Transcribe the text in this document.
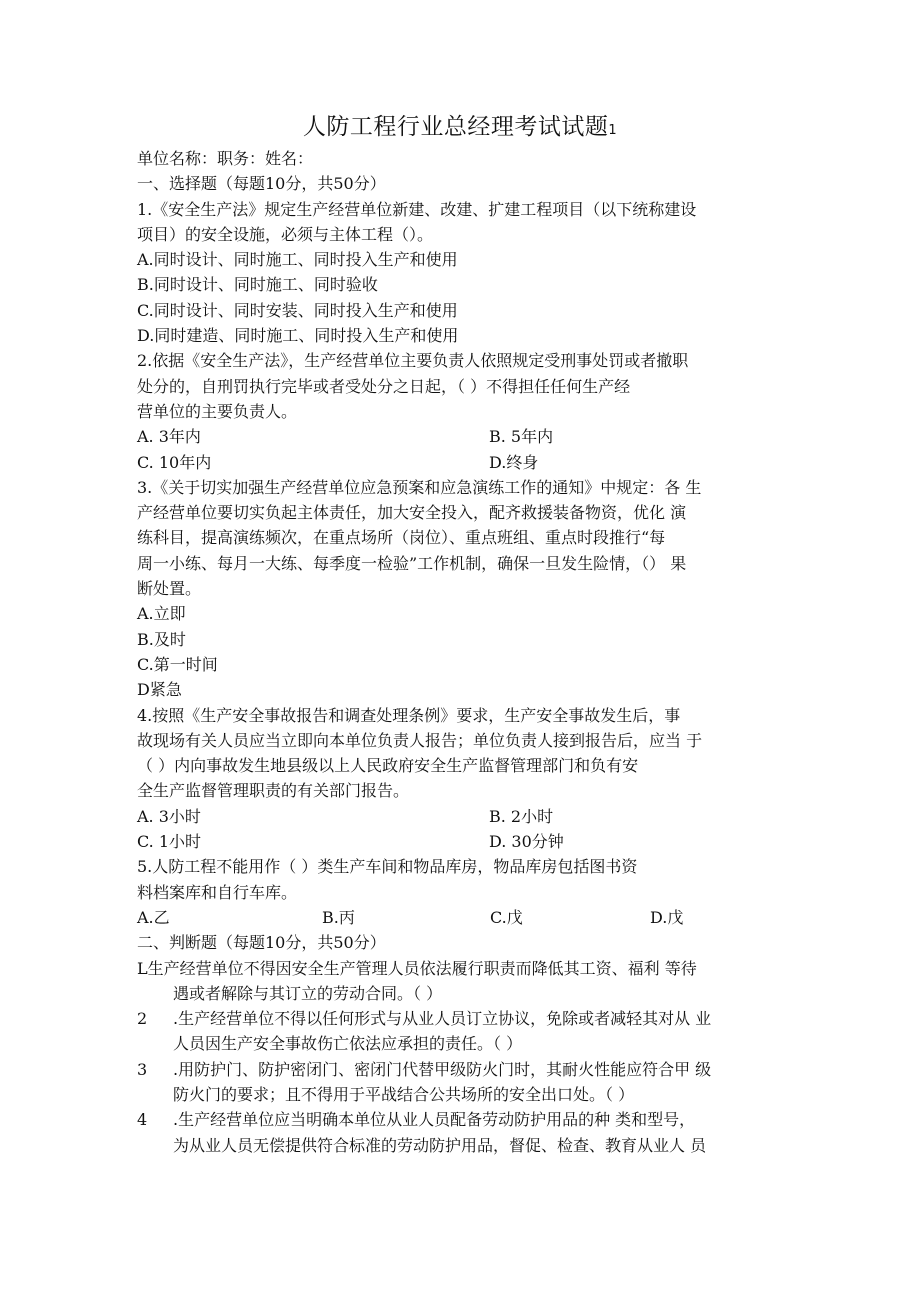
人防工程行业总经理考试试题1
单位名称：职务：姓名：
一、选择题（每题10分，共50分）
1.《安全生产法》规定生产经营单位新建、改建、扩建工程项目（以下统称建设
项目）的安全设施，必须与主体工程（）。
A.同时设计、同时施工、同时投入生产和使用
B.同时设计、同时施工、同时验收
C.同时设计、同时安装、同时投入生产和使用
D.同时建造、同时施工、同时投入生产和使用
2.依据《安全生产法》，生产经营单位主要负责人依照规定受刑事处罚或者撤职
处分的，自刑罚执行完毕或者受处分之日起，（ ）不得担任任何生产经
营单位的主要负责人。
A. 3年内	B. 5年内
C. 10年内	D.终身
3.《关于切实加强生产经营单位应急预案和应急演练工作的通知》中规定：各 生
产经营单位要切实负起主体责任，加大安全投入，配齐救援装备物资，优化 演
练科目，提高演练频次，在重点场所（岗位）、重点班组、重点时段推行“每
周一小练、每月一大练、每季度一检验”工作机制，确保一旦发生险情，（） 果
断处置。
A.立即
B.及时
C.第一时间
D紧急
4.按照《生产安全事故报告和调查处理条例》要求，生产安全事故发生后，事
故现场有关人员应当立即向本单位负责人报告；单位负责人接到报告后，应当 于
（ ）内向事故发生地县级以上人民政府安全生产监督管理部门和负有安
全生产监督管理职责的有关部门报告。
A. 3小时	B. 2小时
C. 1小时	D. 30分钟
5.人防工程不能用作（ ）类生产车间和物品库房，物品库房包括图书资
料档案库和自行车库。
A.乙	B.丙	C.戊	D.戊
二、判断题（每题10分，共50分）
L生产经营单位不得因安全生产管理人员依法履行职责而降低其工资、福利 等待
遇或者解除与其订立的劳动合同。（ ）
2 .生产经营单位不得以任何形式与从业人员订立协议，免除或者减轻其对从 业
人员因生产安全事故伤亡依法应承担的责任。（ ）
3 .用防护门、防护密闭门、密闭门代替甲级防火门时，其耐火性能应符合甲 级
防火门的要求；且不得用于平战结合公共场所的安全出口处。（ ）
4 .生产经营单位应当明确本单位从业人员配备劳动防护用品的种 类和型号，
为从业人员无偿提供符合标准的劳动防护用品，督促、检查、教育从业人 员
